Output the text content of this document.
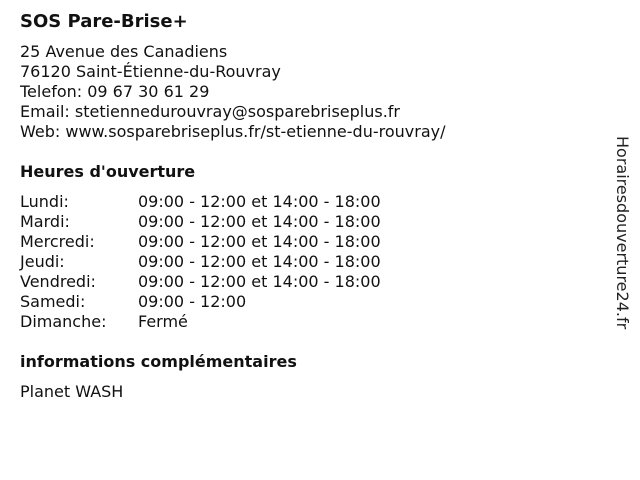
SOS Pare-Brise+
25 Avenue des Canadiens
76120 Saint-Étienne-du-Rouvray
Telefon: 09 67 30 61 29
Email: stetiennedurouvray@sosparebriseplus.fr
Web: www.sosparebriseplus.fr/st-etienne-du-rouvray/
Heures d'ouverture
Lundi:	09:00 - 12:00 et 14:00 - 18:00
Mardi:	09:00 - 12:00 et 14:00 - 18:00
Mercredi:	09:00 - 12:00 et 14:00 - 18:00
Jeudi:	09:00 - 12:00 et 14:00 - 18:00
Vendredi:	09:00 - 12:00 et 14:00 - 18:00
Samedi:	09:00 - 12:00
Dimanche:	Fermé
informations complémentaires
Planet WASH
Horairesdouverture24.fr
